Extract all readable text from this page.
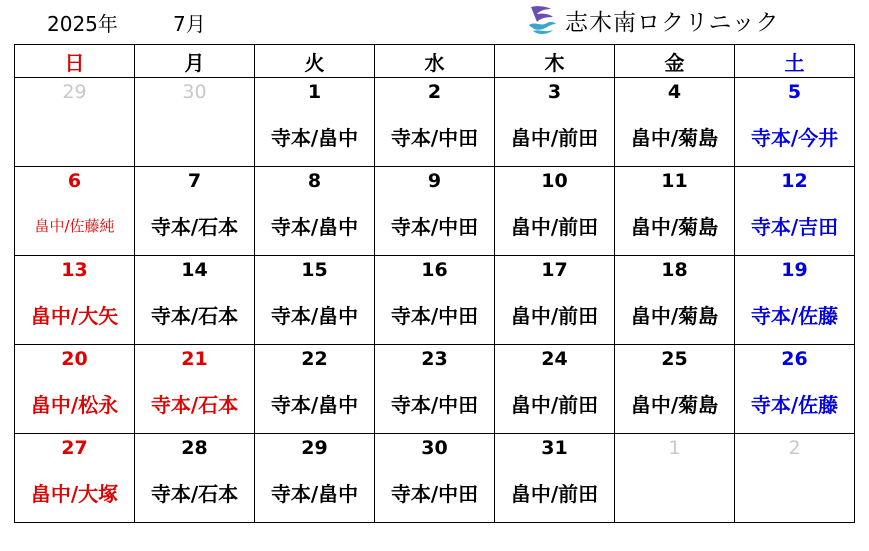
2025年	7月	志木南ロクリニック
日	月	火	水	木	金	土
29	30	1	2	3	4	5
		寺本/畠中	寺本/中田	畠中/前田	畠中/菊島	寺本/今井
6	7	8	9	10	11	12
畠中/佐藤純	寺本/石本	寺本/畠中	寺本/中田	畠中/前田	畠中/菊島	寺本/吉田
13	14	15	16	17	18	19
畠中/大矢	寺本/石本	寺本/畠中	寺本/中田	畠中/前田	畠中/菊島	寺本/佐藤
20	21	22	23	24	25	26
畠中/松永	寺本/石本	寺本/畠中	寺本/中田	畠中/前田	畠中/菊島	寺本/佐藤
27	28	29	30	31	1	2
畠中/大塚	寺本/石本	寺本/畠中	寺本/中田	畠中/前田		
